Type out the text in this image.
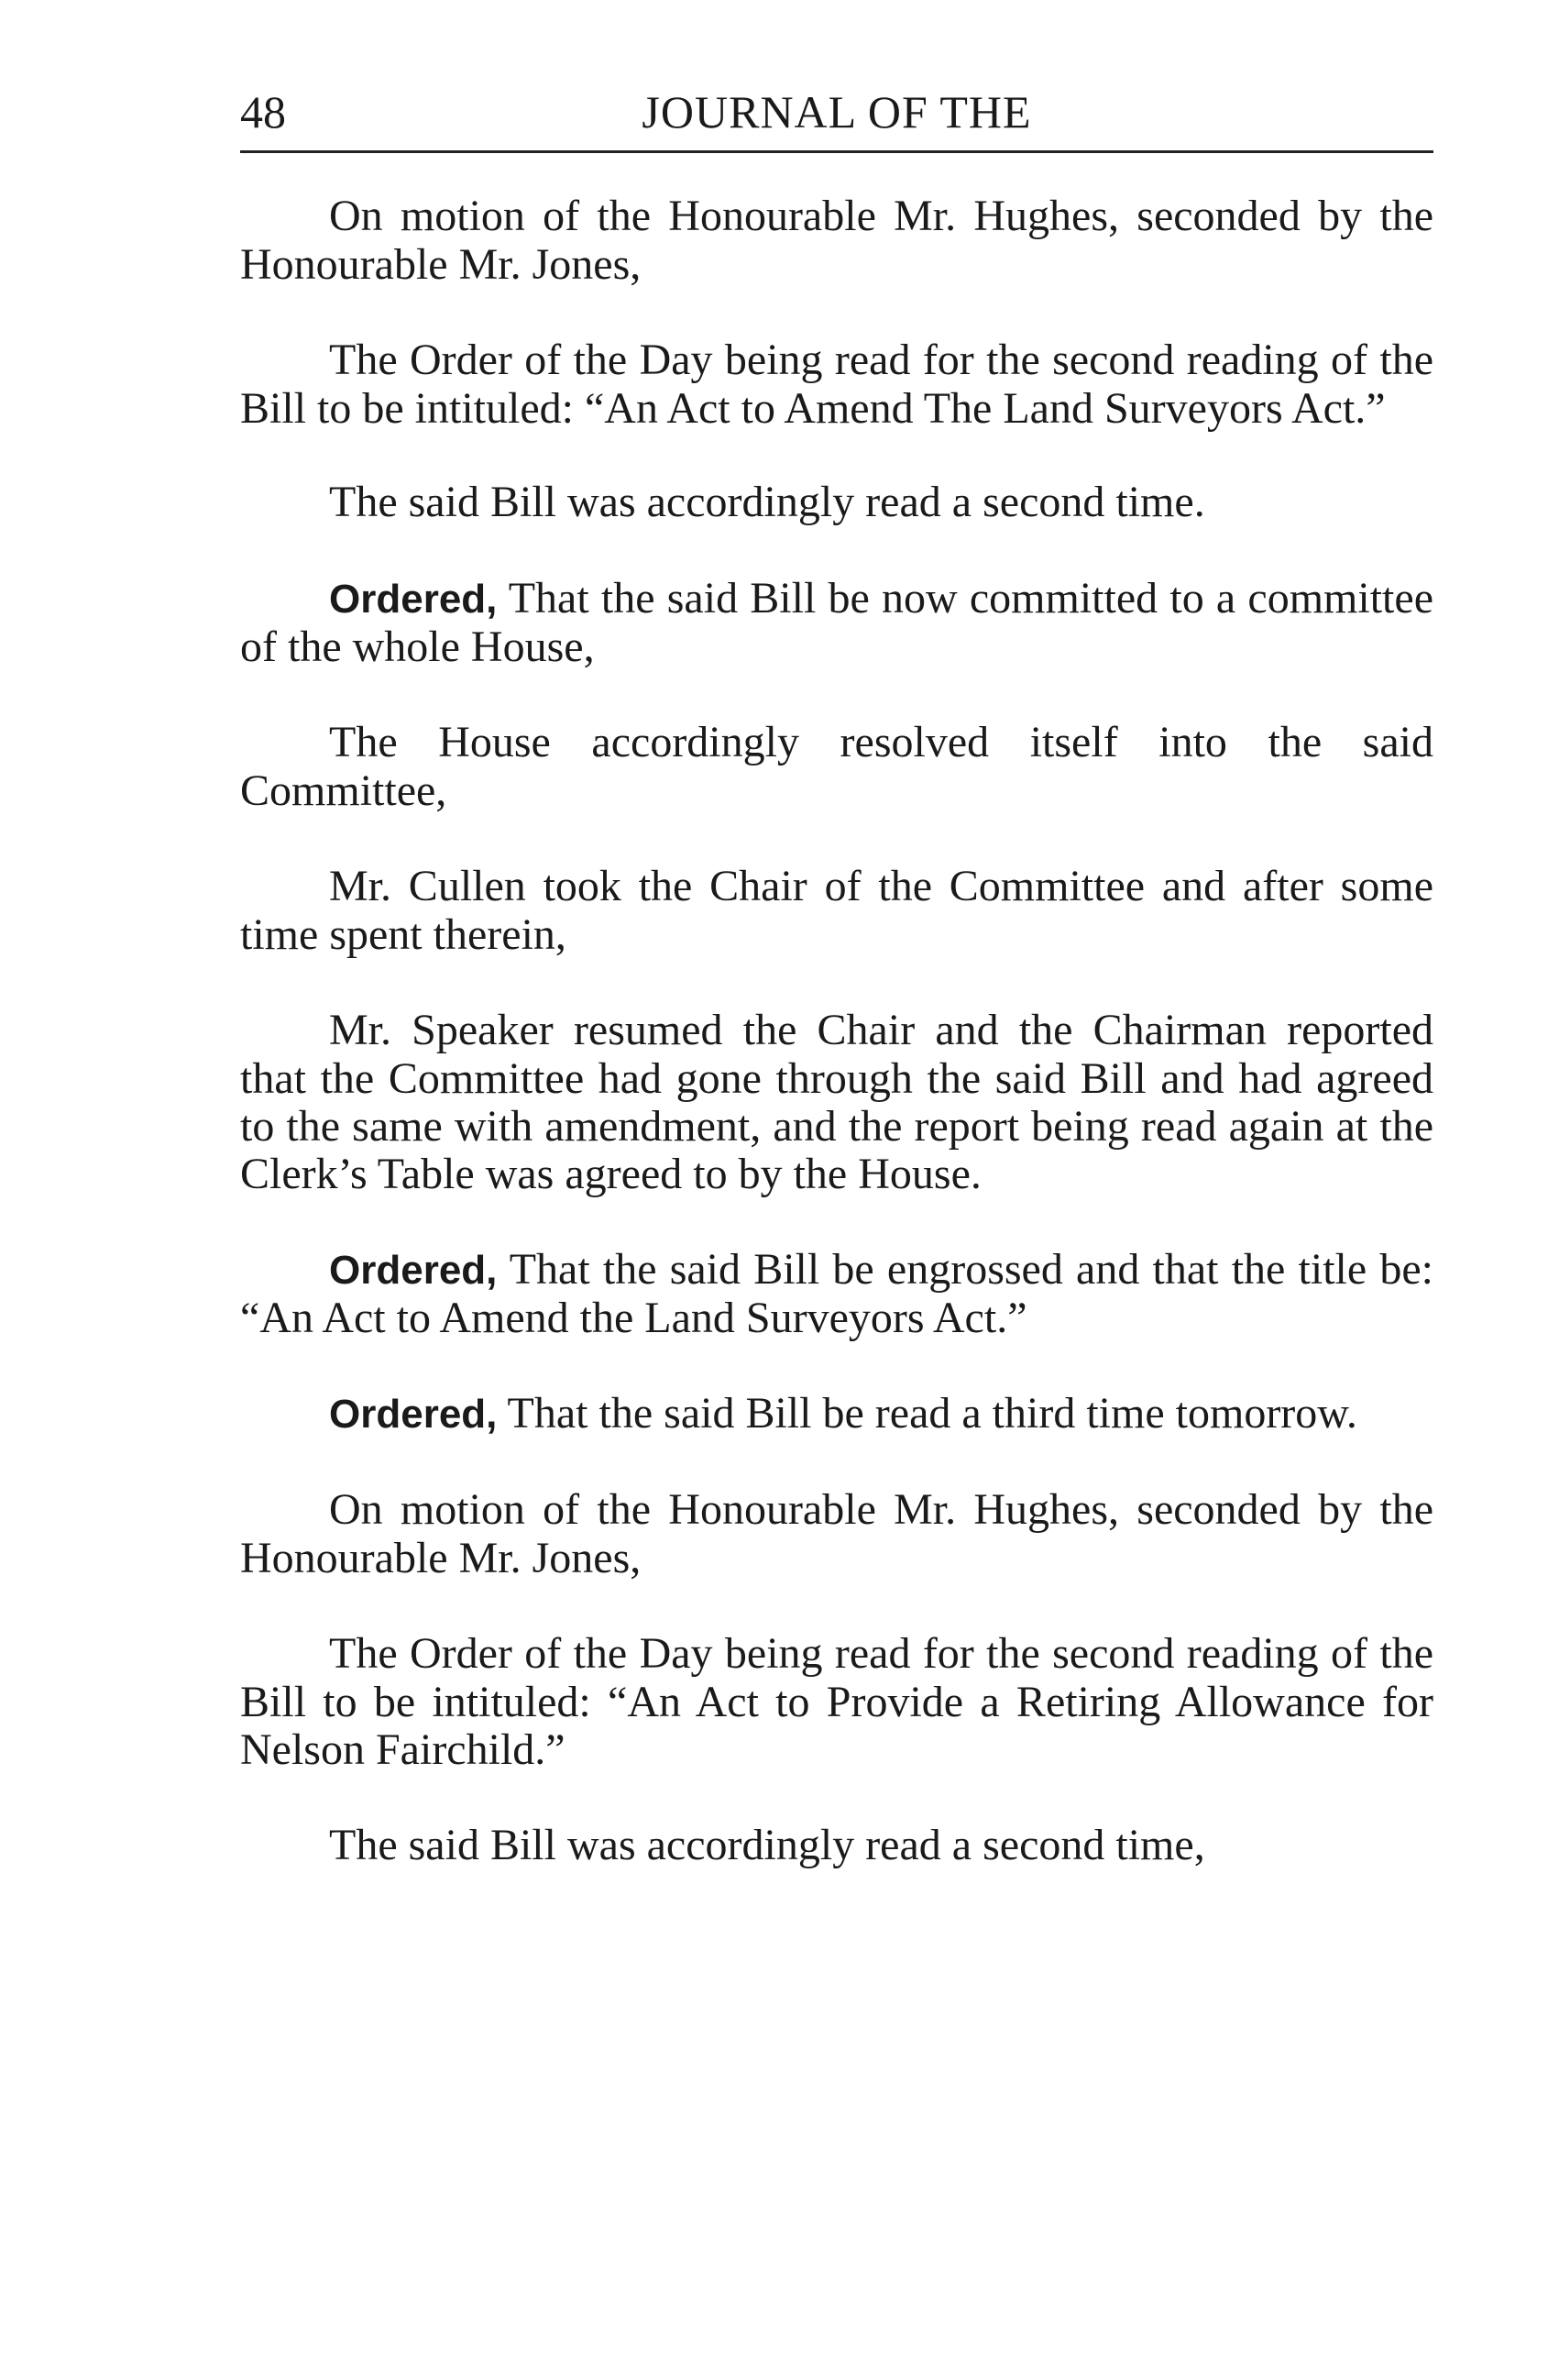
48	JOURNAL OF THE

On motion of the Honourable Mr. Hughes, seconded by the Honourable Mr. Jones,

The Order of the Day being read for the second reading of the Bill to be intituled: “An Act to Amend The Land Surveyors Act.”

The said Bill was accordingly read a second time.

Ordered, That the said Bill be now committed to a committee of the whole House,

The House accordingly resolved itself into the said Committee,

Mr. Cullen took the Chair of the Committee and after some time spent therein,

Mr. Speaker resumed the Chair and the Chairman reported that the Committee had gone through the said Bill and had agreed to the same with amendment, and the report being read again at the Clerk’s Table was agreed to by the House.

Ordered, That the said Bill be engrossed and that the title be: “An Act to Amend the Land Surveyors Act.”

Ordered, That the said Bill be read a third time tomorrow.

On motion of the Honourable Mr. Hughes, seconded by the Honourable Mr. Jones,

The Order of the Day being read for the second reading of the Bill to be intituled: “An Act to Provide a Retiring Allowance for Nelson Fairchild.”

The said Bill was accordingly read a second time,
